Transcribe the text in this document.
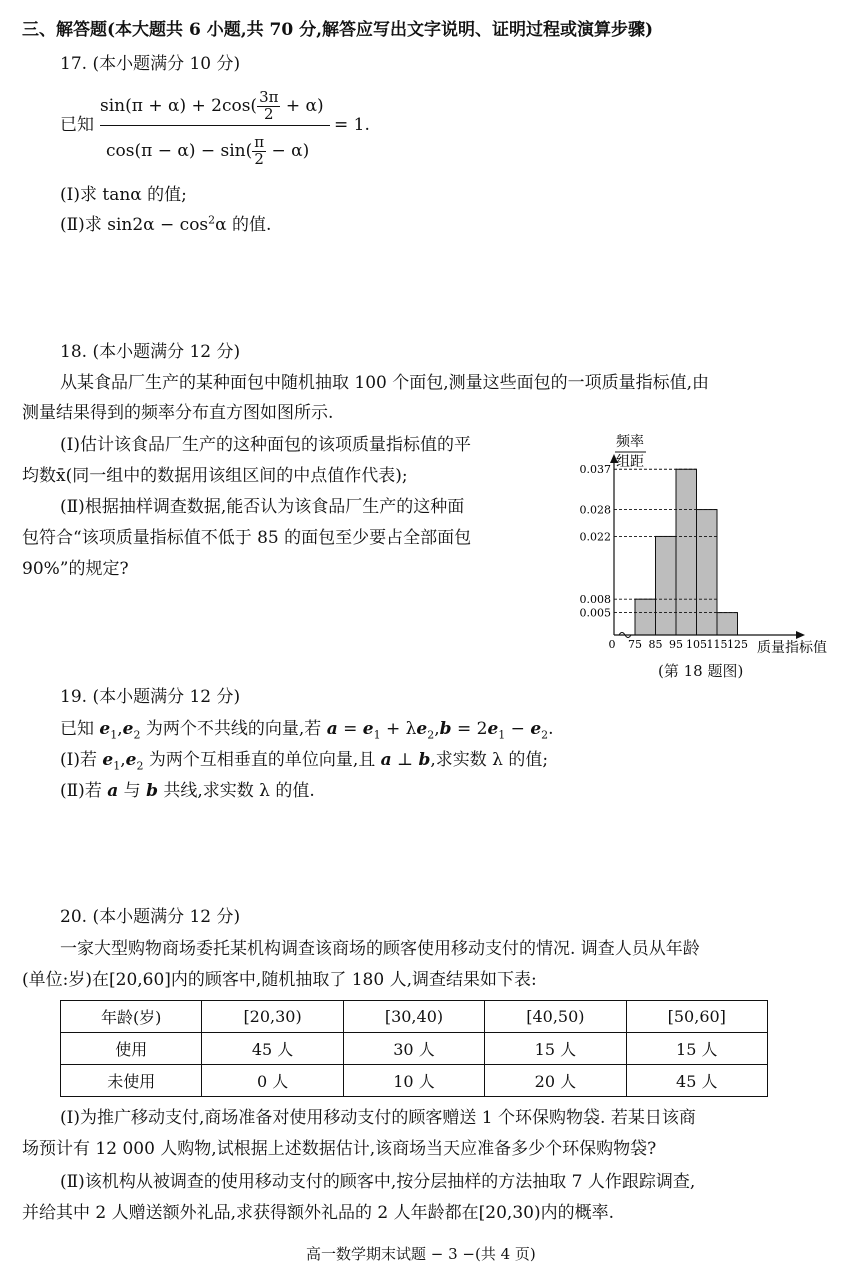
三、解答题(本大题共 6 小题,共 70 分,解答应写出文字说明、证明过程或演算步骤)
17. (本小题满分 10 分)
$\sin(\pi + \alpha) + 2\cos( \frac{3\pi}{2} + \alpha)$
已知	= 1.
$\cos(\pi - \alpha) - \sin( \frac{\pi}{2} - \alpha)$
(Ⅰ)求 tanα 的值;
(Ⅱ)求 $\sin 2\alpha - \cos^2\alpha$ 的值.
18. (本小题满分 12 分)
从某食品厂生产的某种面包中随机抽取 100 个面包,测量这些面包的一项质量指标值,由
测量结果得到的频率分布直方图如图所示.
(Ⅰ)估计该食品厂生产的这种面包的该项质量指标值的平
均数x̄(同一组中的数据用该组区间的中点值作代表);
(Ⅱ)根据抽样调查数据,能否认为该食品厂生产的这种面
包符合“该项质量指标值不低于 85 的面包至少要占全部面包
90%”的规定?
频率
组距
0.005
0.008
0.022
0.028
0.037
75 85 95 105 115 125
0	质量指标值
(第 18 题图)
19. (本小题满分 12 分)
已知 $e_1,e_2$ 为两个不共线的向量,若 $a = e_1 + \lambda e_2,b = 2e_1 - e_2$.
(Ⅰ)若 $e_1,e_2$ 为两个互相垂直的单位向量,且 a ⊥ b,求实数 λ 的值;
(Ⅱ)若 a 与 b 共线,求实数 λ 的值.
20. (本小题满分 12 分)
一家大型购物商场委托某机构调查该商场的顾客使用移动支付的情况. 调查人员从年龄
(单位:岁)在[20,60]内的顾客中,随机抽取了 180 人,调查结果如下表:
年龄(岁)	[20,30)	[30,40)	[40,50)	[50,60]
使用	45 人	30 人	15 人	15 人
未使用	0 人	10 人	20 人	45 人
(Ⅰ)为推广移动支付,商场准备对使用移动支付的顾客赠送 1 个环保购物袋. 若某日该商
场预计有 12 000 人购物,试根据上述数据估计,该商场当天应准备多少个环保购物袋?
(Ⅱ)该机构从被调查的使用移动支付的顾客中,按分层抽样的方法抽取 7 人作跟踪调查,
并给其中 2 人赠送额外礼品,求获得额外礼品的 2 人年龄都在[20,30)内的概率.
高一数学期末试题 − 3 −(共 4 页)
